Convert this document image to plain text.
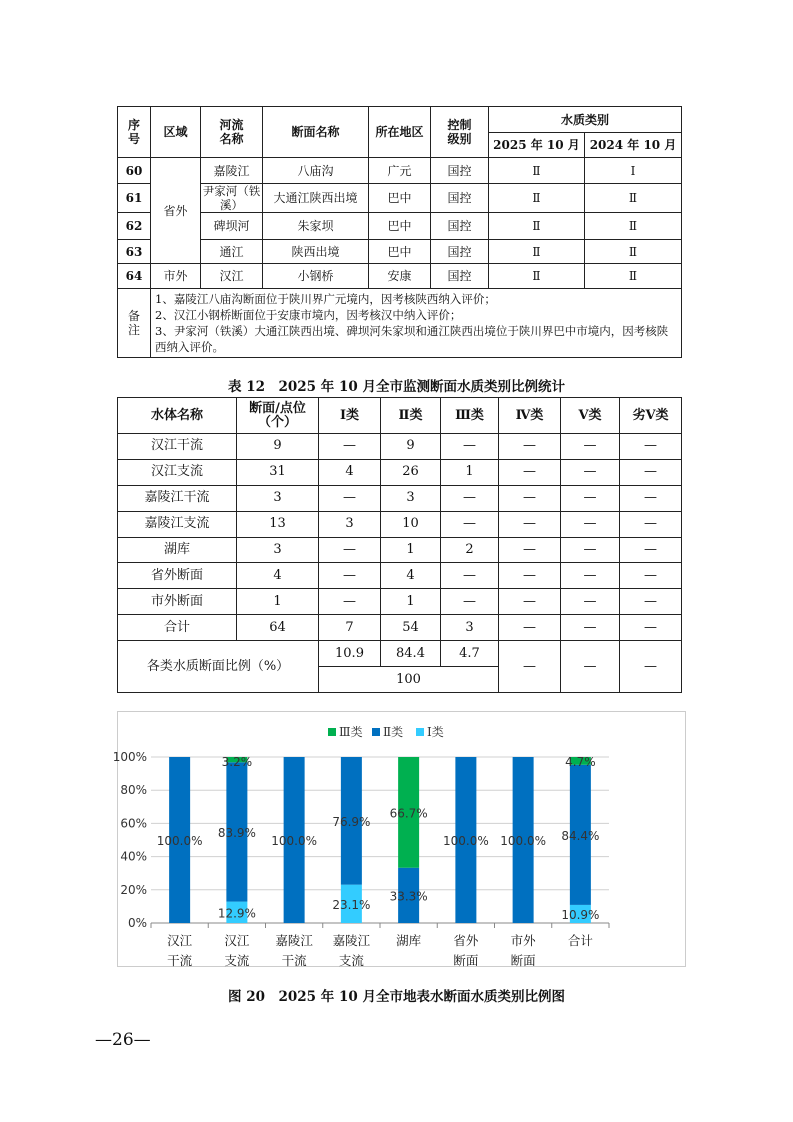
序号	区域	河流名称	断面名称	所在地区	控制级别	水质类别	
						2025 年 10 月	2024 年 10 月
60	省外	嘉陵江	八庙沟	广元	国控	Ⅱ	Ⅰ
61		尹家河（铁溪）	大通江陕西出境	巴中	国控	Ⅱ	Ⅱ
62		碑坝河	朱家坝	巴中	国控	Ⅱ	Ⅱ
63		通江	陕西出境	巴中	国控	Ⅱ	Ⅱ
64	市外	汉江	小钢桥	安康	国控	Ⅱ	Ⅱ
备注	1、嘉陵江八庙沟断面位于陕川界广元境内，因考核陕西纳入评价；
2、汉江小钢桥断面位于安康市境内，因考核汉中纳入评价；
3、尹家河（铁溪）大通江陕西出境、碑坝河朱家坝和通江陕西出境位于陕川界巴中市境内，因考核陕西纳入评价。						
表 12　2025 年 10 月全市监测断面水质类别比例统计
水体名称	断面/点位（个）	Ⅰ类	Ⅱ类	Ⅲ类	Ⅳ类	Ⅴ类	劣Ⅴ类
汉江干流	9	—	9	—	—	—	—
汉江支流	31	4	26	1	—	—	—
嘉陵江干流	3	—	3	—	—	—	—
嘉陵江支流	13	3	10	—	—	—	—
湖库	3	—	1	2	—	—	—
省外断面	4	—	4	—	—	—	—
市外断面	1	—	1	—	—	—	—
合计	64	7	54	3	—	—	—
各类水质断面比例（%）		10.9	84.4	4.7	—	—	—
		100					
0%
20%
40%
60%
80%
100%
100.0%
汉江
干流
12.9%
83.9%
3.2%
汉江
支流
100.0%
嘉陵江
干流
23.1%
76.9%
嘉陵江
支流
33.3%
66.7%
湖库
100.0%
省外
断面
100.0%
市外
断面
10.9%
84.4%
4.7%
合计
Ⅲ类 Ⅱ类 Ⅰ类
图 20　2025 年 10 月全市地表水断面水质类别比例图
—26—
